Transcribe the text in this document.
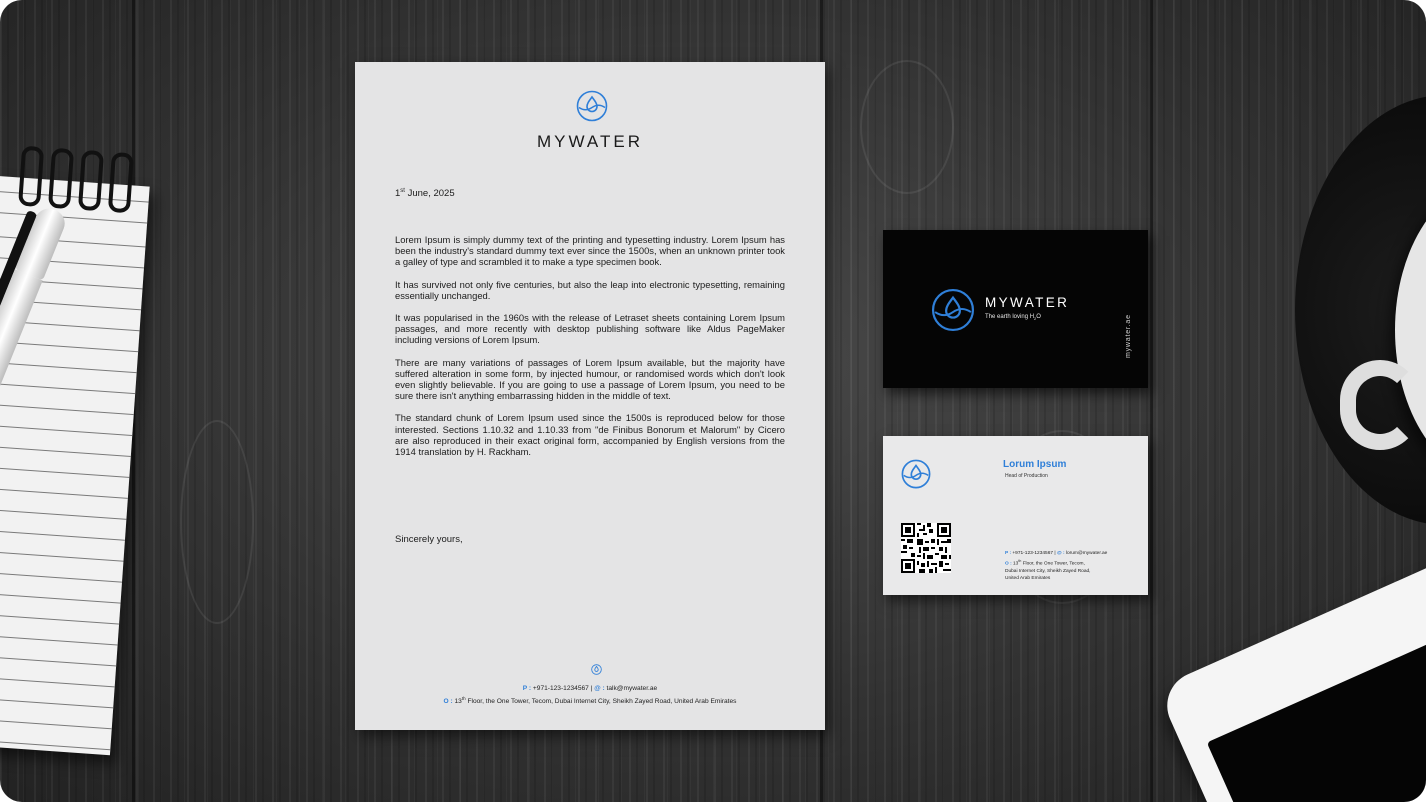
MYWATER
1st June, 2025

Lorem Ipsum is simply dummy text of the printing and typesetting industry. Lorem Ipsum has been the industry's standard dummy text ever since the 1500s, when an unknown printer took a galley of type and scrambled it to make a type specimen book.

It has survived not only five centuries, but also the leap into electronic typesetting, remaining essentially unchanged.

It was popularised in the 1960s with the release of Letraset sheets containing Lorem Ipsum passages, and more recently with desktop publishing software like Aldus PageMaker including versions of Lorem Ipsum.

There are many variations of passages of Lorem Ipsum available, but the majority have suffered alteration in some form, by injected humour, or randomised words which don't look even slightly believable. If you are going to use a passage of Lorem Ipsum, you need to be sure there isn't anything embarrassing hidden in the middle of text.

The standard chunk of Lorem Ipsum used since the 1500s is reproduced below for those interested. Sections 1.10.32 and 1.10.33 from "de Finibus Bonorum et Malorum" by Cicero are also reproduced in their exact original form, accompanied by English versions from the 1914 translation by H. Rackham.

Sincerely yours,
P : +971-123-1234567 | @ : talk@mywater.ae
O : 13th Floor, the One Tower, Tecom, Dubai Internet City, Sheikh Zayed Road, United Arab Emirates
MYWATER
The earth loving $H_2O$	mywater.ae
Lorum Ipsum
Head of Production
P : +971-123-1234567 | @ : lorum@mywater.ae
O : 13th Floor, the One Tower, Tecom,
Dubai Internet City, Sheikh Zayed Road,
United Arab Emirates
